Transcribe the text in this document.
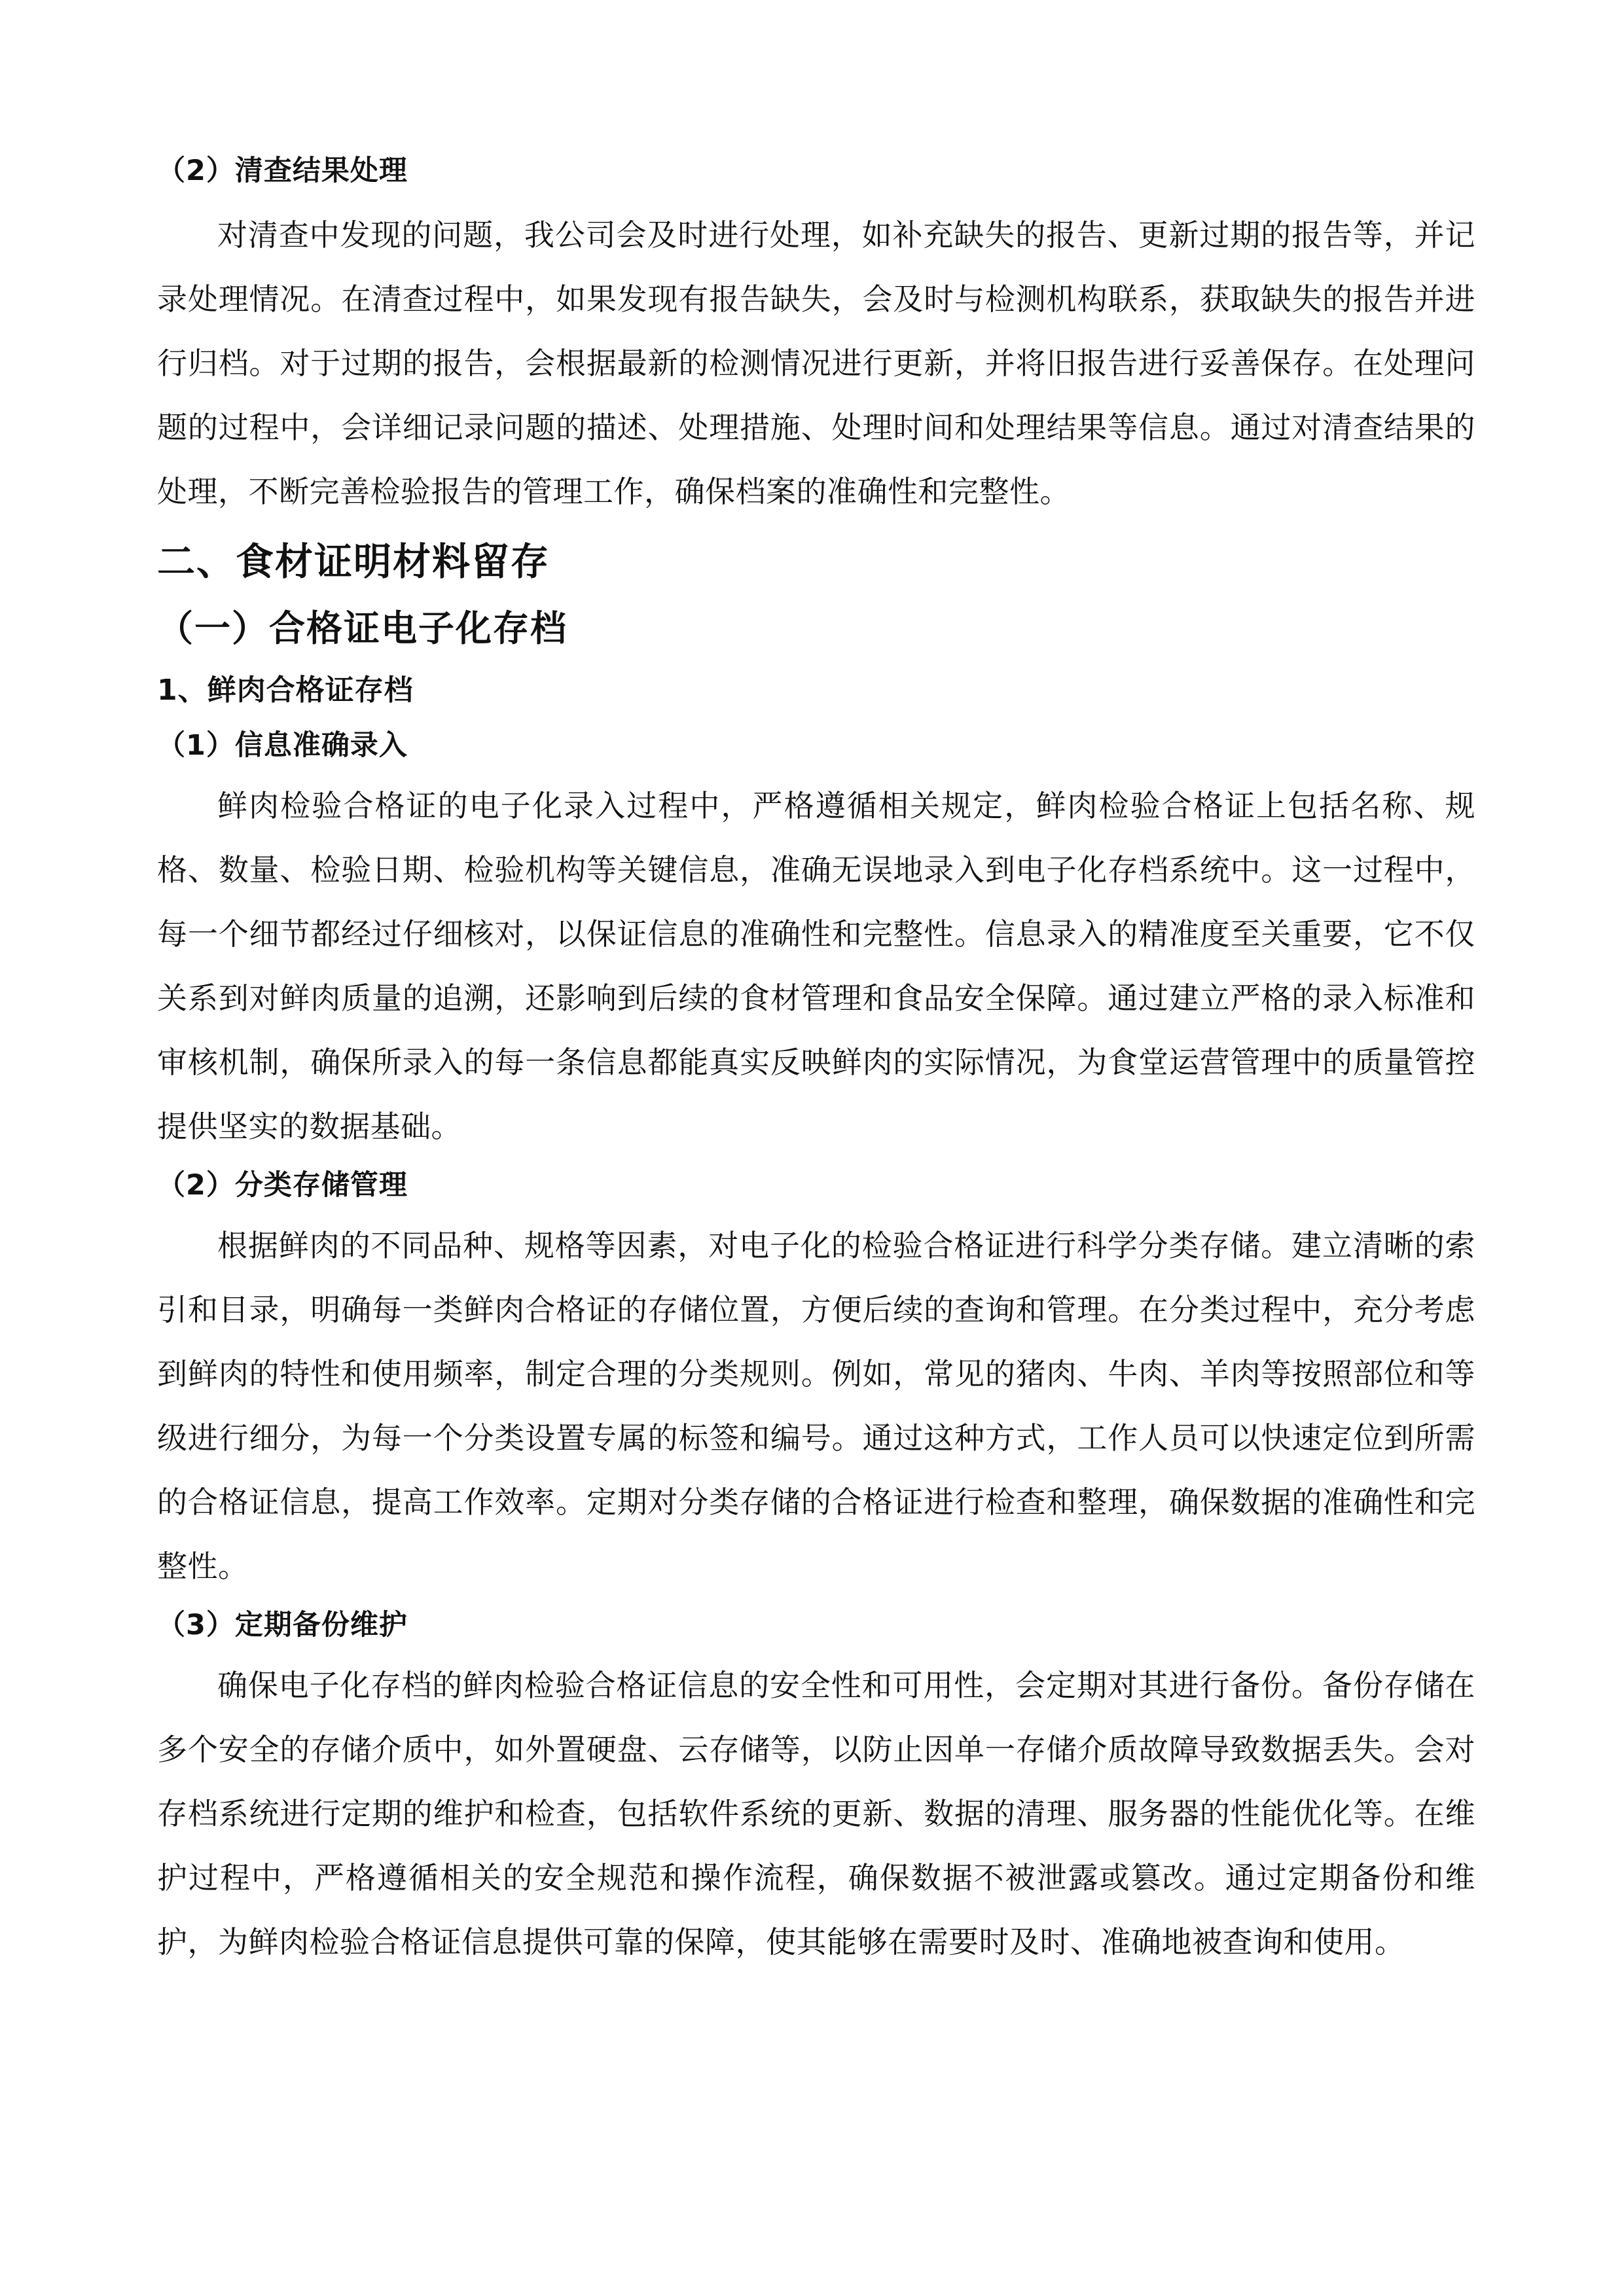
（2）清查结果处理

对清查中发现的问题，我公司会及时进行处理，如补充缺失的报告、更新过期的报告等，并记录处理情况。在清查过程中，如果发现有报告缺失，会及时与检测机构联系，获取缺失的报告并进行归档。对于过期的报告，会根据最新的检测情况进行更新，并将旧报告进行妥善保存。在处理问题的过程中，会详细记录问题的描述、处理措施、处理时间和处理结果等信息。通过对清查结果的处理，不断完善检验报告的管理工作，确保档案的准确性和完整性。

二、食材证明材料留存
（一）合格证电子化存档
1、鲜肉合格证存档
（1）信息准确录入

鲜肉检验合格证的电子化录入过程中，严格遵循相关规定，鲜肉检验合格证上包括名称、规格、数量、检验日期、检验机构等关键信息，准确无误地录入到电子化存档系统中。这一过程中，每一个细节都经过仔细核对，以保证信息的准确性和完整性。信息录入的精准度至关重要，它不仅关系到对鲜肉质量的追溯，还影响到后续的食材管理和食品安全保障。通过建立严格的录入标准和审核机制，确保所录入的每一条信息都能真实反映鲜肉的实际情况，为食堂运营管理中的质量管控提供坚实的数据基础。

（2）分类存储管理

根据鲜肉的不同品种、规格等因素，对电子化的检验合格证进行科学分类存储。建立清晰的索引和目录，明确每一类鲜肉合格证的存储位置，方便后续的查询和管理。在分类过程中，充分考虑到鲜肉的特性和使用频率，制定合理的分类规则。例如，常见的猪肉、牛肉、羊肉等按照部位和等级进行细分，为每一个分类设置专属的标签和编号。通过这种方式，工作人员可以快速定位到所需的合格证信息，提高工作效率。定期对分类存储的合格证进行检查和整理，确保数据的准确性和完整性。

（3）定期备份维护

确保电子化存档的鲜肉检验合格证信息的安全性和可用性，会定期对其进行备份。备份存储在多个安全的存储介质中，如外置硬盘、云存储等，以防止因单一存储介质故障导致数据丢失。会对存档系统进行定期的维护和检查，包括软件系统的更新、数据的清理、服务器的性能优化等。在维护过程中，严格遵循相关的安全规范和操作流程，确保数据不被泄露或篡改。通过定期备份和维护，为鲜肉检验合格证信息提供可靠的保障，使其能够在需要时及时、准确地被查询和使用。
